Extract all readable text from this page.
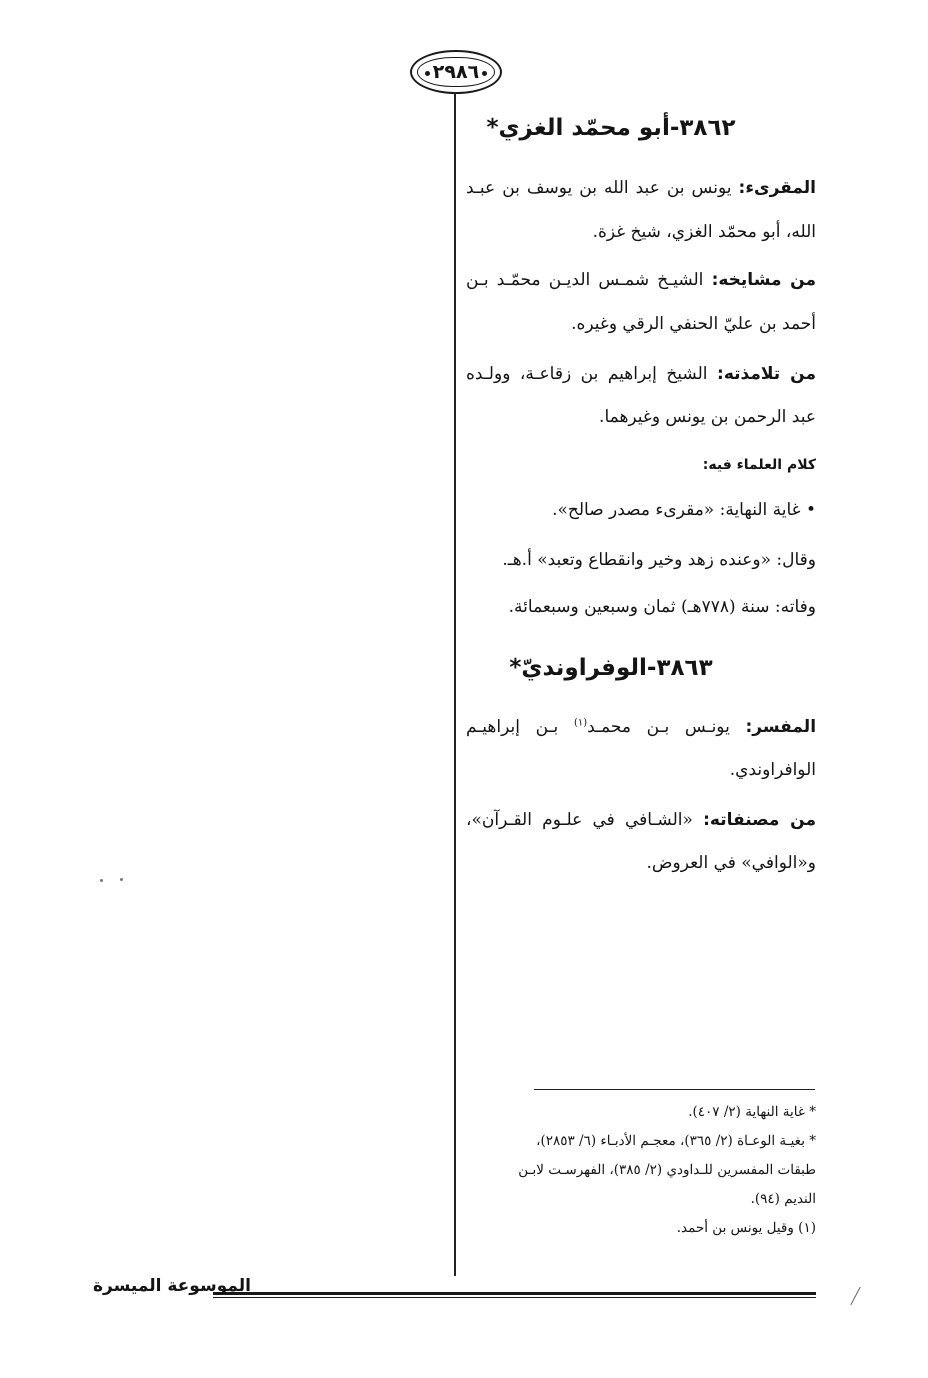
٢٩٨٦
٣٨٦٢-أبو محمّد الغزي*
المقرىء: يونس بن عبد الله بن يوسف بن عبـد
الله، أبو محمّد الغزي، شيخ غزة.
من مشايخه: الشيـخ شمـس الديـن محمّـد بـن
أحمد بن عليّ الحنفي الرقي وغيره.
من تلامذته: الشيخ إبراهيم بن زقاعـة، وولـده
عبد الرحمن بن يونس وغيرهما.
كلام العلماء فيه:
• غاية النهاية: «مقرىء مصدر صالح».
وقال: «وعنده زهد وخير وانقطاع وتعبد» أ.هـ.
وفاته: سنة (٧٧٨هـ) ثمان وسبعين وسبعمائة.
٣٨٦٣-الوفراونديّ*
المفسر: يونـس بـن محمـد$^{(١)}$ بـن إبراهيـم
الوافراوندي.
من مصنفاته: «الشـافي في علـوم القـرآن»،
و«الوافي» في العروض.
* غاية النهاية (٢/ ٤٠٧).
* بغيـة الوعـاة (٢/ ٣٦٥)، معجـم الأدبـاء (٦/ ٢٨٥٣)،
طبقات المفسرين للـداودي (٢/ ٣٨٥)، الفهرسـت لابـن
النديم (٩٤).
(١) وقيل يونس بن أحمد.
الموسوعة الميسرة
